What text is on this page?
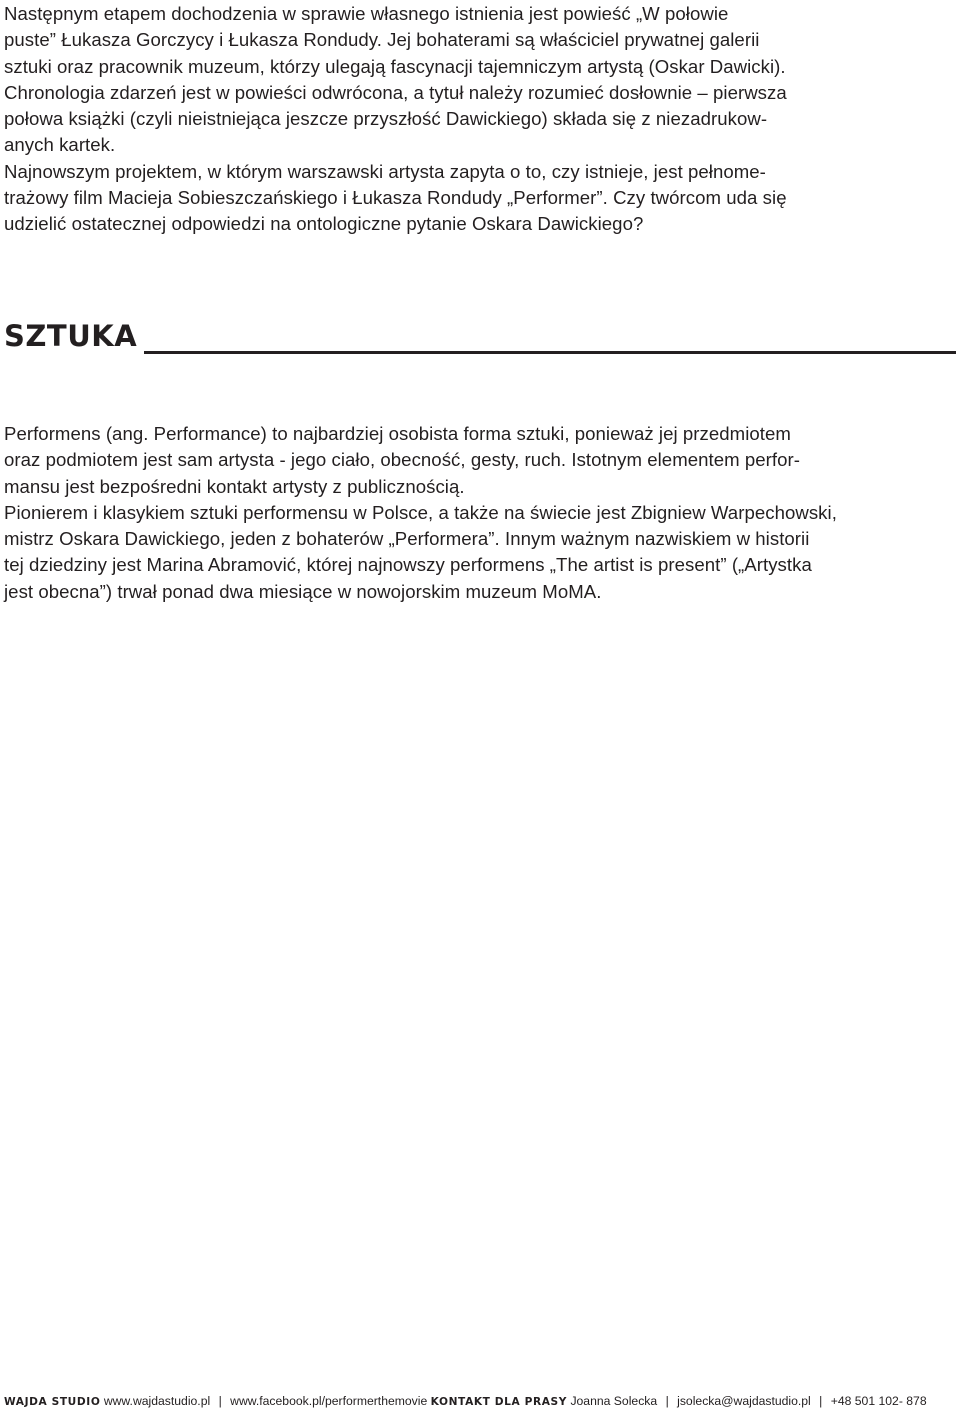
Następnym etapem dochodzenia w sprawie własnego istnienia jest powieść „W połowie
puste” Łukasza Gorczycy i Łukasza Rondudy. Jej bohaterami są właściciel prywatnej galerii
sztuki oraz pracownik muzeum, którzy ulegają fascynacji tajemniczym artystą (Oskar Dawicki).

Chronologia zdarzeń jest w powieści odwrócona, a tytuł należy rozumieć dosłownie – pierwsza
połowa książki (czyli nieistniejąca jeszcze przyszłość Dawickiego) składa się z niezadrukow-
anych kartek.

Najnowszym projektem, w którym warszawski artysta zapyta o to, czy istnieje, jest pełnome-
trażowy film Macieja Sobieszczańskiego i Łukasza Rondudy „Performer”. Czy twórcom uda się
udzielić ostatecznej odpowiedzi na ontologiczne pytanie Oskara Dawickiego?

SZTUKA

Performens (ang. Performance) to najbardziej osobista forma sztuki, ponieważ jej przedmiotem
oraz podmiotem jest sam artysta - jego ciało, obecność, gesty, ruch. Istotnym elementem perfor-
mansu jest bezpośredni kontakt artysty z publicznością.

Pionierem i klasykiem sztuki performensu w Polsce, a także na świecie jest Zbigniew Warpechowski,
mistrz Oskara Dawickiego, jeden z bohaterów „Performera”. Innym ważnym nazwiskiem w historii
tej dziedziny jest Marina Abramović, której najnowszy performens „The artist is present” („Artystka
jest obecna”) trwał ponad dwa miesiące w nowojorskim muzeum MoMA.

WAJDA STUDIO www.wajdastudio.pl | www.facebook.pl/performerthemovie KONTAKT DLA PRASY Joanna Solecka | jsolecka@wajdastudio.pl | +48 501 102- 878
